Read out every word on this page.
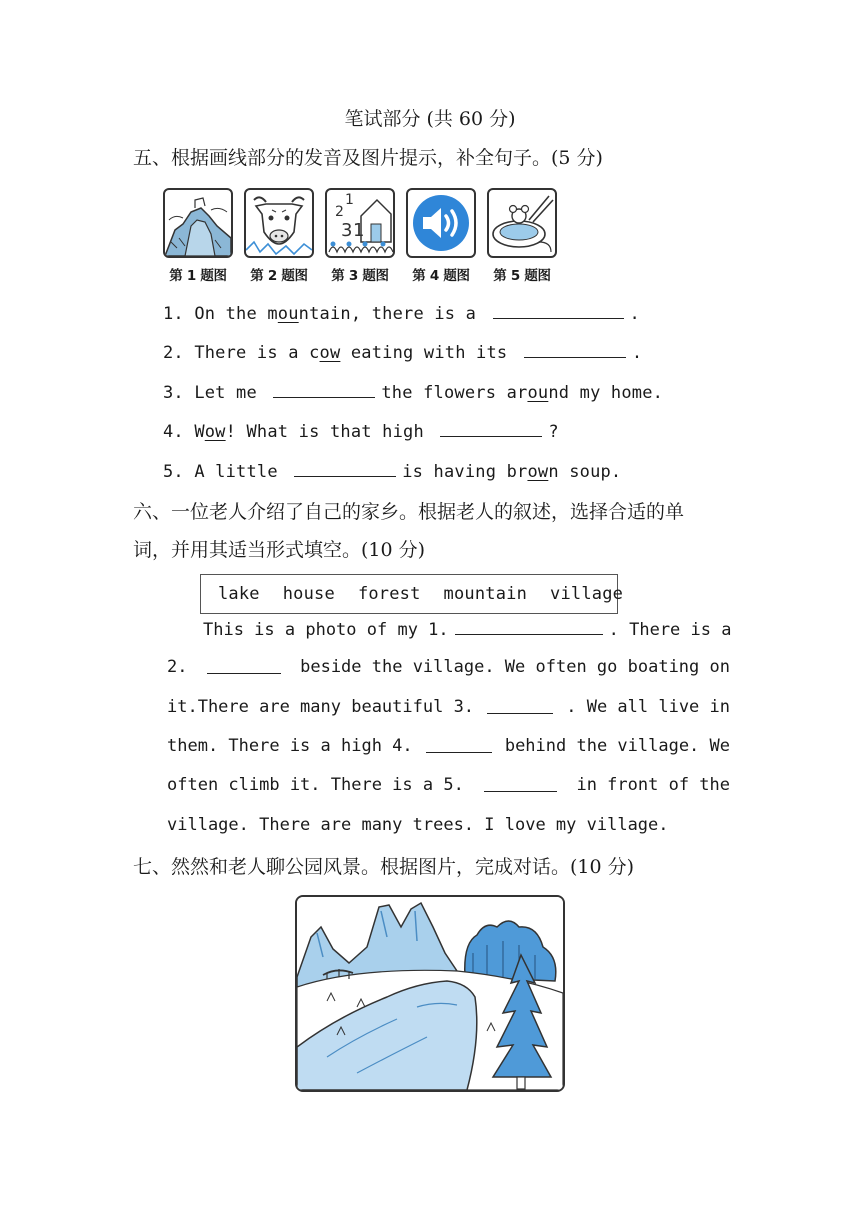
笔试部分 (共 60 分)
五、根据画线部分的发音及图片提示，补全句子。(5 分)
第 1 题图 第 2 题图
2
1
3 1
第 3 题图 第 4 题图 第 5 题图
1. On the mountain, there is a	.
2. There is a cow eating with its	.
3. Let me	the flowers around my home.
4. Wow! What is that high	?
5. A little	is having brown soup.
六、一位老人介绍了自己的家乡。根据老人的叙述，选择合适的单
词，并用其适当形式填空。(10 分)
lake house forest mountain village
This is a photo of my 1.	. There is a
2.	beside the village. We often go boating on
it.There are many beautiful 3.	. We all live in
them. There is a high 4.	behind the village. We
often climb it. There is a 5.	in front of the
village. There are many trees. I love my village.
七、然然和老人聊公园风景。根据图片，完成对话。(10 分)
